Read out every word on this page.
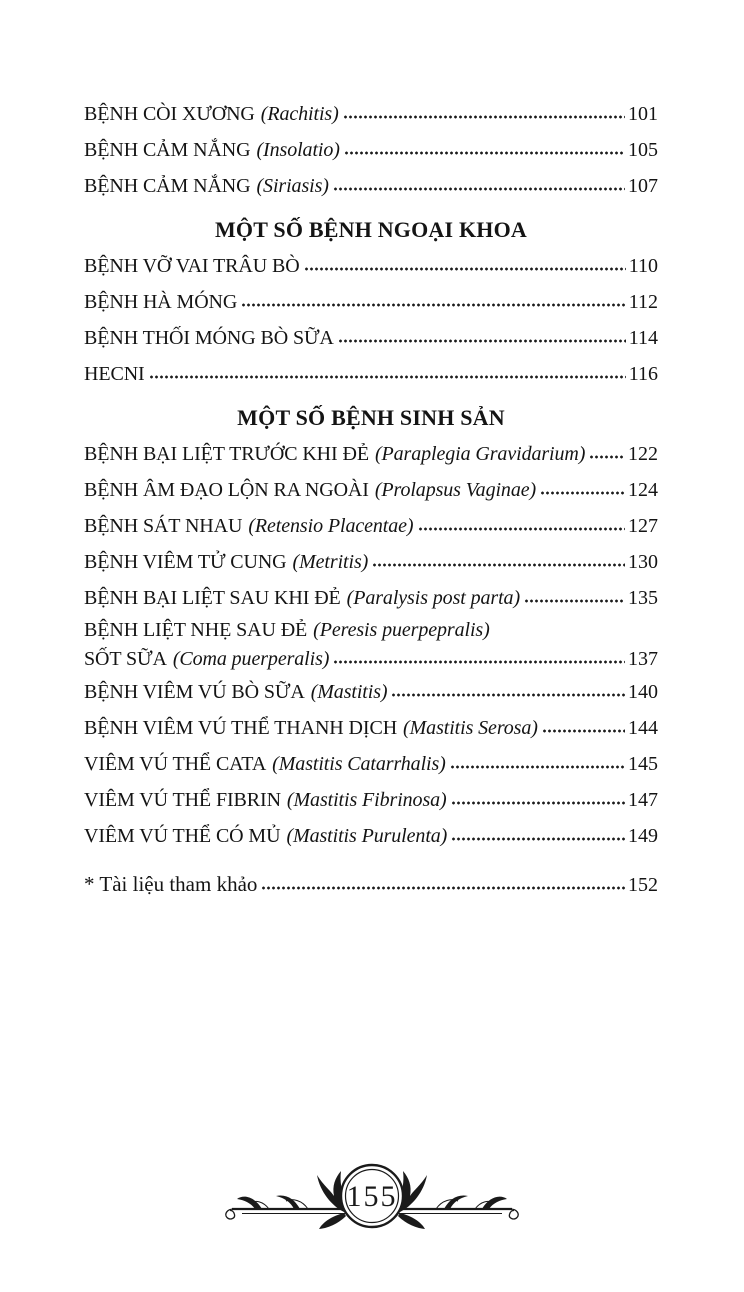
BỆNH CÒI XƯƠNG (Rachitis)	101
BỆNH CẢM NẮNG (Insolatio)	105
BỆNH CẢM NẮNG (Siriasis)	107
MỘT SỐ BỆNH NGOẠI KHOA
BỆNH VỠ VAI TRÂU BÒ	110
BỆNH HÀ MÓNG	112
BỆNH THỐI MÓNG BÒ SỮA	114
HECNI	116
MỘT SỐ BỆNH SINH SẢN
BỆNH BẠI LIỆT TRƯỚC KHI ĐẺ (Paraplegia Gravidarium) 122
BỆNH ÂM ĐẠO LỘN RA NGOÀI (Prolapsus Vaginae)	124
BỆNH SÁT NHAU (Retensio Placentae)	127
BỆNH VIÊM TỬ CUNG (Metritis)	130
BỆNH BẠI LIỆT SAU KHI ĐẺ (Paralysis post parta)	135
BỆNH LIỆT NHẸ SAU ĐẺ (Peresis puerpepralis)
SỐT SỮA (Coma puerperalis)	137
BỆNH VIÊM VÚ BÒ SỮA (Mastitis)	140
BỆNH VIÊM VÚ THỂ THANH DỊCH (Mastitis Serosa)	144
VIÊM VÚ THỂ CATA (Mastitis Catarrhalis)	145
VIÊM VÚ THỂ FIBRIN (Mastitis Fibrinosa)	147
VIÊM VÚ THỂ CÓ MỦ (Mastitis Purulenta)	149
* Tài liệu tham khảo	152
155
